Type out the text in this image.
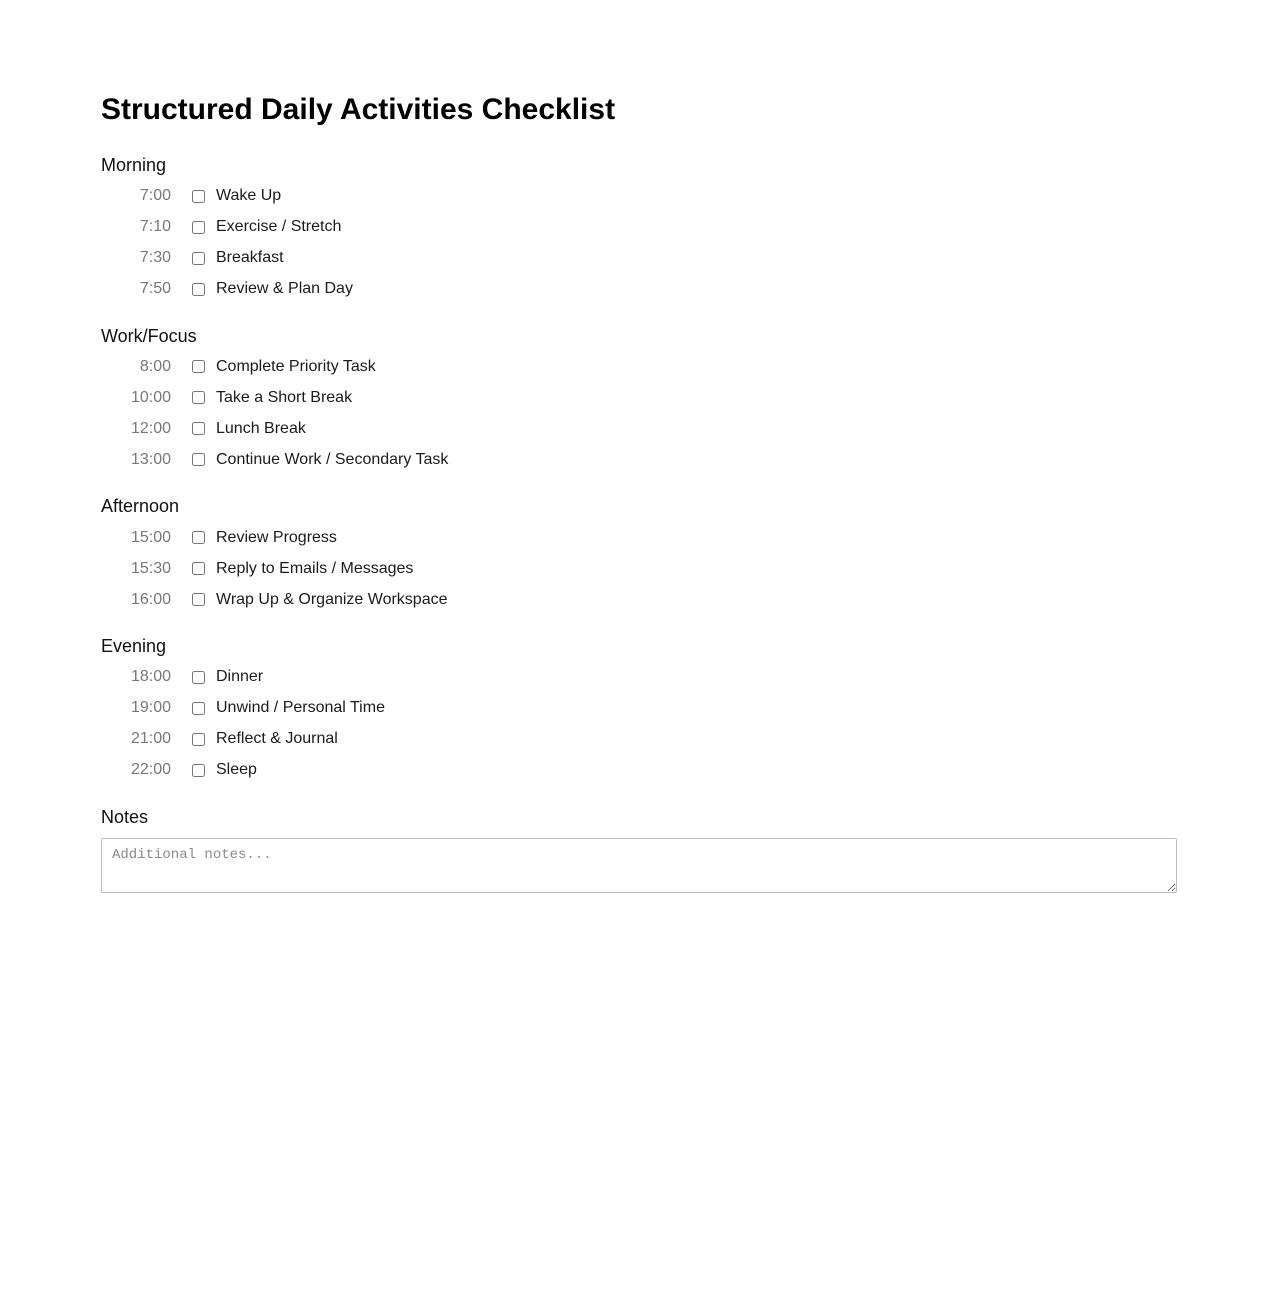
Structured Daily Activities Checklist
Morning
7:00	Wake Up
7:10	Exercise / Stretch
7:30	Breakfast
7:50	Review & Plan Day
Work/Focus
8:00	Complete Priority Task
10:00	Take a Short Break
12:00	Lunch Break
13:00	Continue Work / Secondary Task
Afternoon
15:00	Review Progress
15:30	Reply to Emails / Messages
16:00	Wrap Up & Organize Workspace
Evening
18:00	Dinner
19:00	Unwind / Personal Time
21:00	Reflect & Journal
22:00	Sleep
Notes
Additional notes...
